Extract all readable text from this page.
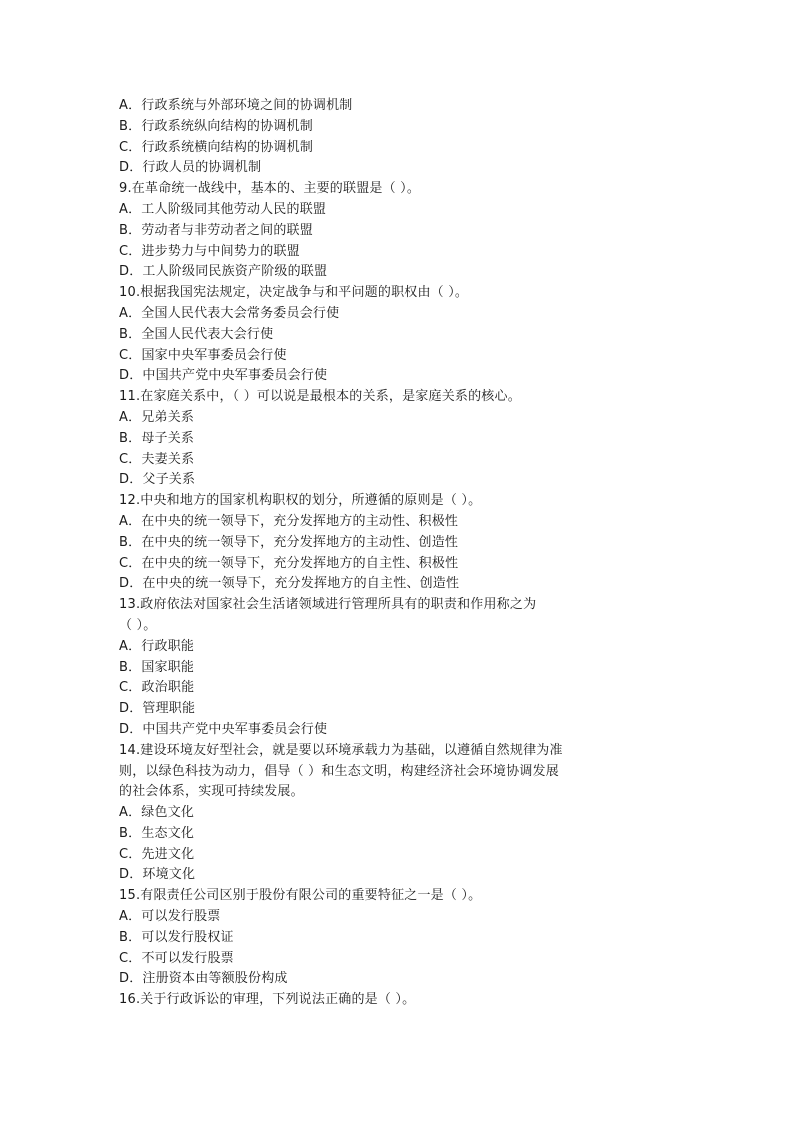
A．行政系统与外部环境之间的协调机制
B．行政系统纵向结构的协调机制
C．行政系统横向结构的协调机制
D．行政人员的协调机制
9.在革命统一战线中，基本的、主要的联盟是（ ）。
A．工人阶级同其他劳动人民的联盟
B．劳动者与非劳动者之间的联盟
C．进步势力与中间势力的联盟
D．工人阶级同民族资产阶级的联盟
10.根据我国宪法规定，决定战争与和平问题的职权由（ ）。
A．全国人民代表大会常务委员会行使
B．全国人民代表大会行使
C．国家中央军事委员会行使
D．中国共产党中央军事委员会行使
11.在家庭关系中，（ ）可以说是最根本的关系，是家庭关系的核心。
A．兄弟关系
B．母子关系
C．夫妻关系
D．父子关系
12.中央和地方的国家机构职权的划分，所遵循的原则是（ ）。
A．在中央的统一领导下，充分发挥地方的主动性、积极性
B．在中央的统一领导下，充分发挥地方的主动性、创造性
C．在中央的统一领导下，充分发挥地方的自主性、积极性
D．在中央的统一领导下，充分发挥地方的自主性、创造性
13.政府依法对国家社会生活诸领域进行管理所具有的职责和作用称之为
（ ）。
A．行政职能
B．国家职能
C．政治职能
D．管理职能
D．中国共产党中央军事委员会行使
14.建设环境友好型社会，就是要以环境承载力为基础，以遵循自然规律为准
则，以绿色科技为动力，倡导（ ）和生态文明，构建经济社会环境协调发展
的社会体系，实现可持续发展。
A．绿色文化
B．生态文化
C．先进文化
D．环境文化
15.有限责任公司区别于股份有限公司的重要特征之一是（ ）。
A．可以发行股票
B．可以发行股权证
C．不可以发行股票
D．注册资本由等额股份构成
16.关于行政诉讼的审理，下列说法正确的是（ ）。
